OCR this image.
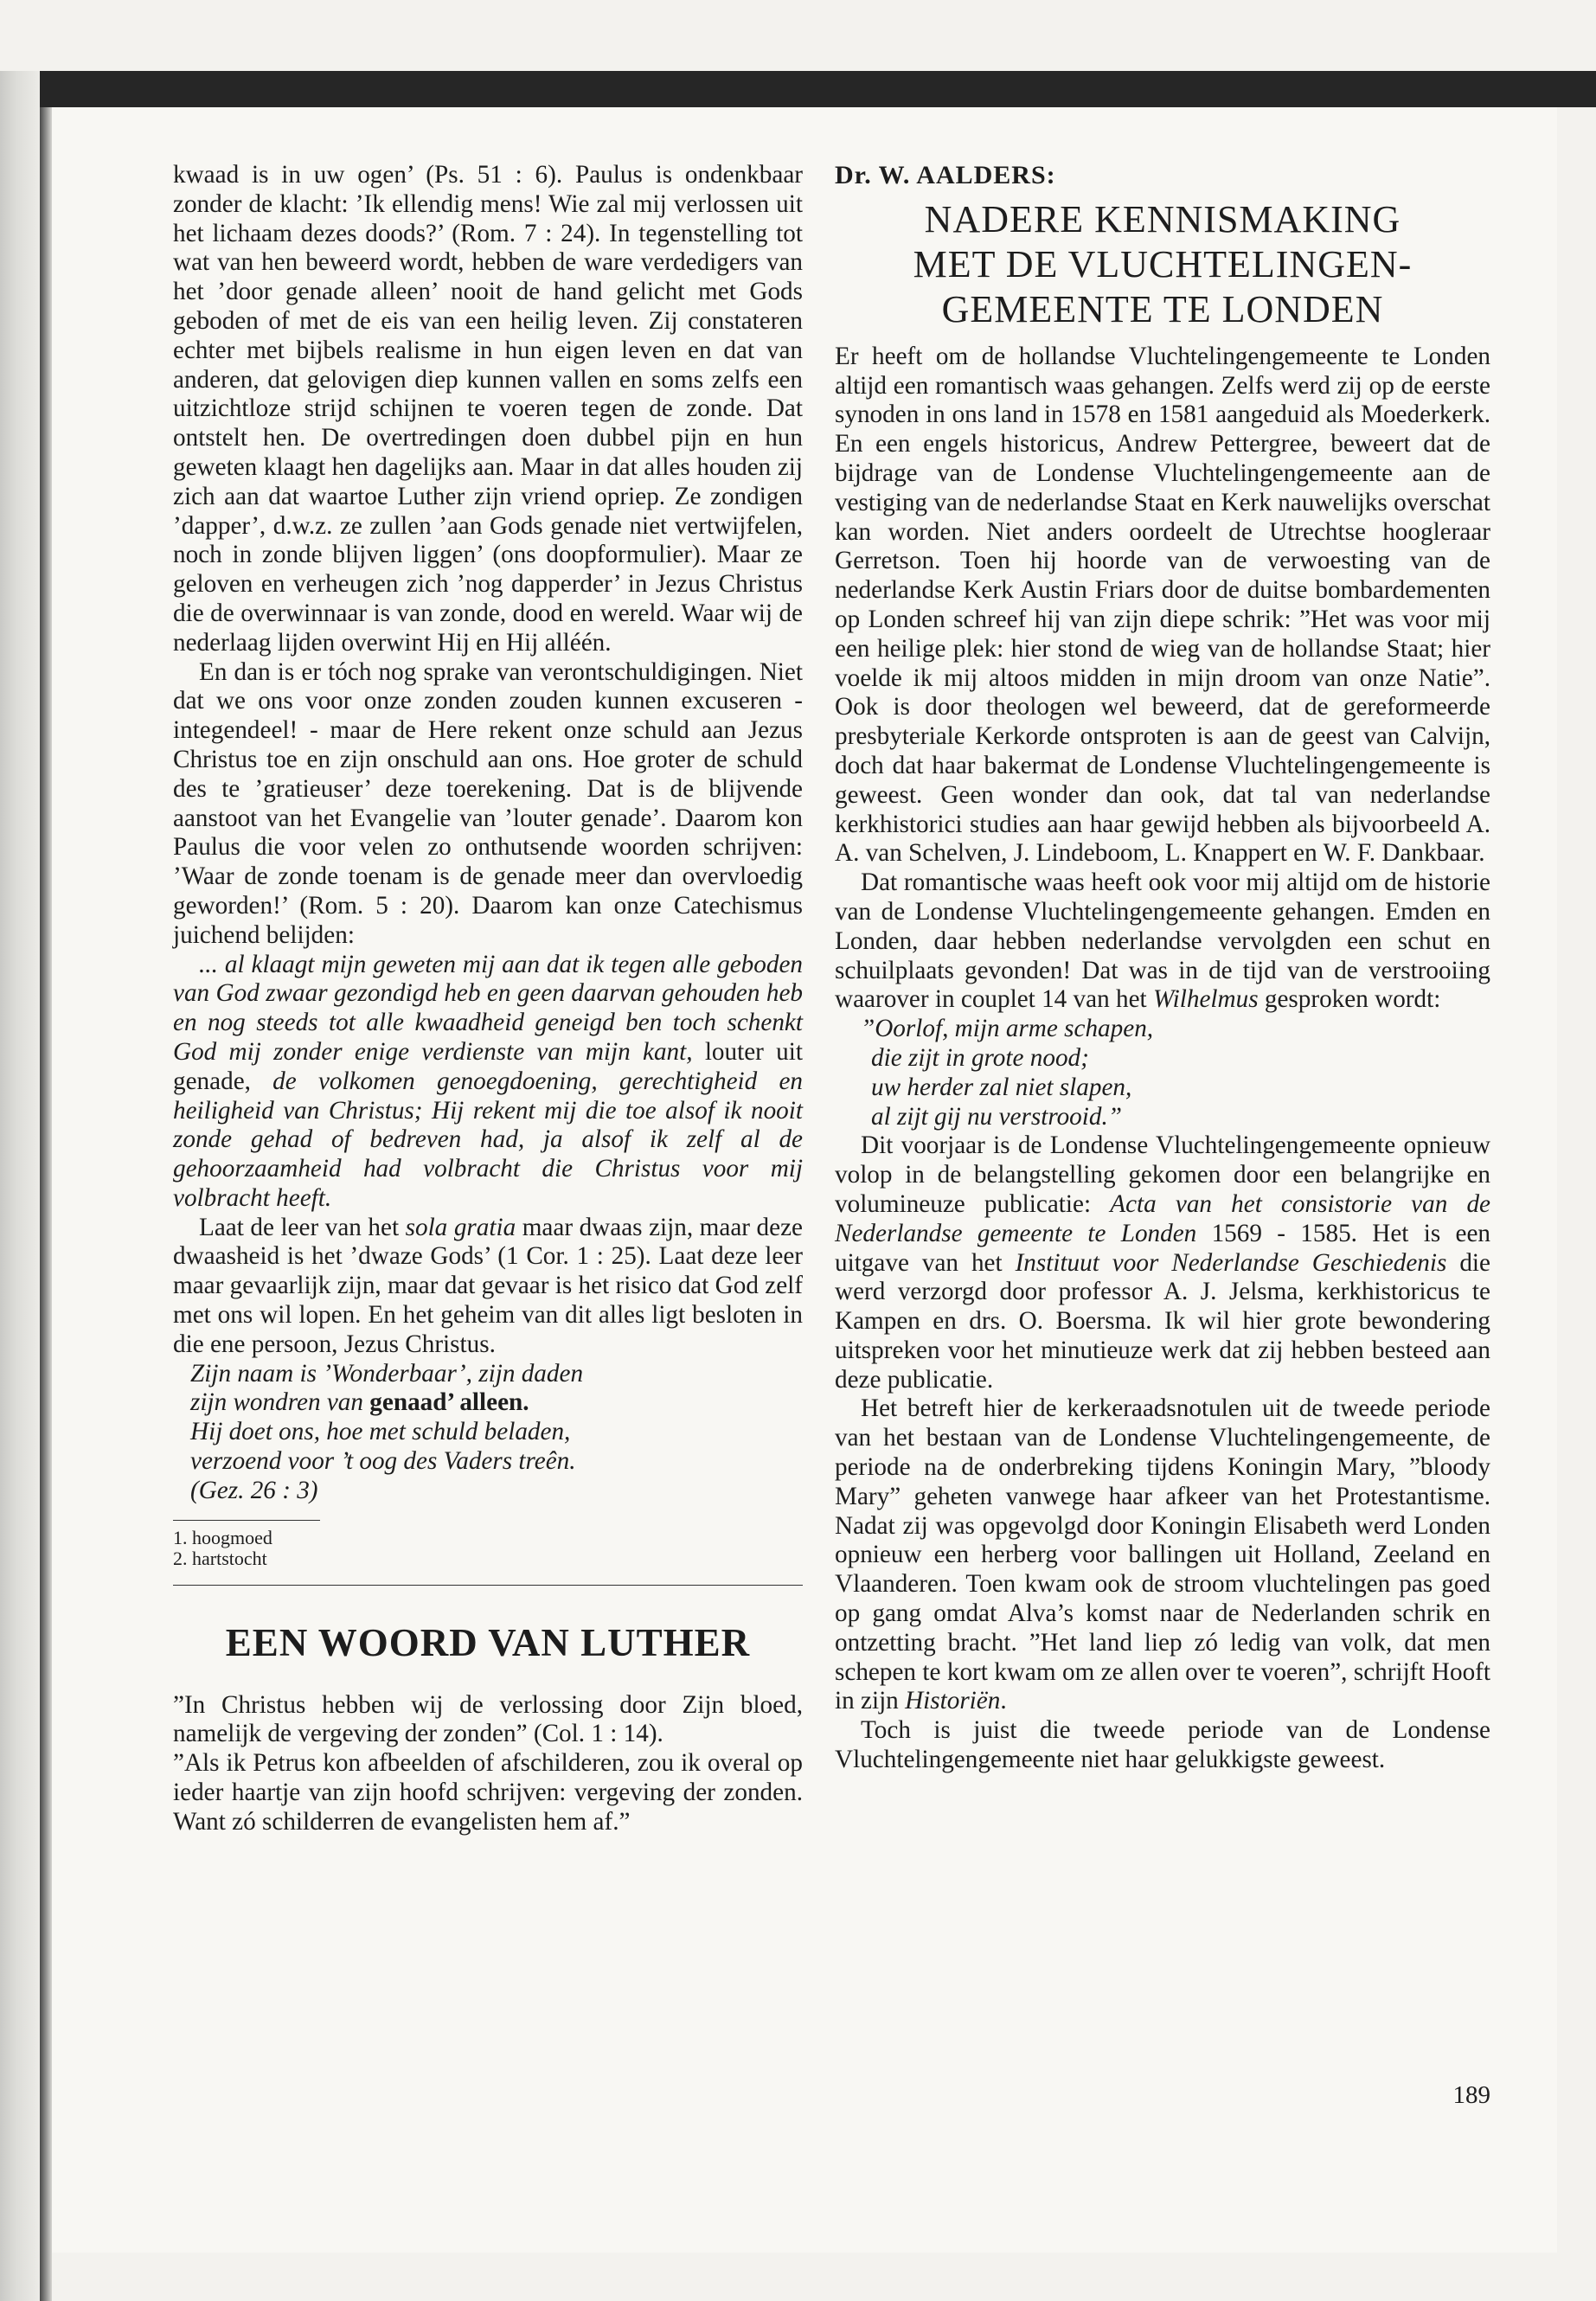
kwaad is in uw ogen’ (Ps. 51 : 6). Paulus is ondenkbaar zonder de klacht: ’Ik ellendig mens! Wie zal mij verlossen uit het lichaam dezes doods?’ (Rom. 7 : 24). In tegenstelling tot wat van hen beweerd wordt, hebben de ware verdedigers van het ’door genade alleen’ nooit de hand gelicht met Gods geboden of met de eis van een heilig leven. Zij constateren echter met bijbels realisme in hun eigen leven en dat van anderen, dat gelovigen diep kunnen vallen en soms zelfs een uitzichtloze strijd schijnen te voeren tegen de zonde. Dat ontstelt hen. De overtredingen doen dubbel pijn en hun geweten klaagt hen dagelijks aan. Maar in dat alles houden zij zich aan dat waartoe Luther zijn vriend opriep. Ze zondigen ’dapper’, d.w.z. ze zullen ’aan Gods genade niet vertwijfelen, noch in zonde blijven liggen’ (ons doopformulier). Maar ze geloven en verheugen zich ’nog dapperder’ in Jezus Christus die de overwinnaar is van zonde, dood en wereld. Waar wij de nederlaag lijden overwint Hij en Hij alléén.

En dan is er tóch nog sprake van verontschuldigingen. Niet dat we ons voor onze zonden zouden kunnen excuseren - integendeel! - maar de Here rekent onze schuld aan Jezus Christus toe en zijn onschuld aan ons. Hoe groter de schuld des te ’gratieuser’ deze toerekening. Dat is de blijvende aanstoot van het Evangelie van ’louter genade’. Daarom kon Paulus die voor velen zo onthutsende woorden schrijven: ’Waar de zonde toenam is de genade meer dan overvloedig geworden!’ (Rom. 5 : 20). Daarom kan onze Catechismus juichend belijden:

... al klaagt mijn geweten mij aan dat ik tegen alle geboden van God zwaar gezondigd heb en geen daarvan gehouden heb en nog steeds tot alle kwaadheid geneigd ben toch schenkt God mij zonder enige verdienste van mijn kant, louter uit genade, de volkomen genoegdoening, gerechtigheid en heiligheid van Christus; Hij rekent mij die toe alsof ik nooit zonde gehad of bedreven had, ja alsof ik zelf al de gehoorzaamheid had volbracht die Christus voor mij volbracht heeft.

Laat de leer van het sola gratia maar dwaas zijn, maar deze dwaasheid is het ’dwaze Gods’ (1 Cor. 1 : 25). Laat deze leer maar gevaarlijk zijn, maar dat gevaar is het risico dat God zelf met ons wil lopen. En het geheim van dit alles ligt besloten in die ene persoon, Jezus Christus.

Zijn naam is ’Wonderbaar’, zijn daden
zijn wondren van genaad’ alleen.
Hij doet ons, hoe met schuld beladen,
verzoend voor ’t oog des Vaders treên.
(Gez. 26 : 3)
1. hoogmoed
2. hartstocht
EEN WOORD VAN LUTHER

”In Christus hebben wij de verlossing door Zijn bloed, namelijk de vergeving der zonden” (Col. 1 : 14).

”Als ik Petrus kon afbeelden of afschilderen, zou ik overal op ieder haartje van zijn hoofd schrijven: vergeving der zonden. Want zó schilderren de evangelisten hem af.”

Dr. W. AALDERS:
NADERE KENNISMAKING
MET DE VLUCHTELINGEN-
GEMEENTE TE LONDEN

Er heeft om de hollandse Vluchtelingengemeente te Londen altijd een romantisch waas gehangen. Zelfs werd zij op de eerste synoden in ons land in 1578 en 1581 aangeduid als Moederkerk. En een engels historicus, Andrew Pettergree, beweert dat de bijdrage van de Londense Vluchtelingengemeente aan de vestiging van de nederlandse Staat en Kerk nauwelijks overschat kan worden. Niet anders oordeelt de Utrechtse hoogleraar Gerretson. Toen hij hoorde van de verwoesting van de nederlandse Kerk Austin Friars door de duitse bombardementen op Londen schreef hij van zijn diepe schrik: ”Het was voor mij een heilige plek: hier stond de wieg van de hollandse Staat; hier voelde ik mij altoos midden in mijn droom van onze Natie”. Ook is door theologen wel beweerd, dat de gereformeerde presbyteriale Kerkorde ontsproten is aan de geest van Calvijn, doch dat haar bakermat de Londense Vluchtelingengemeente is geweest. Geen wonder dan ook, dat tal van nederlandse kerkhistorici studies aan haar gewijd hebben als bijvoorbeeld A. A. van Schelven, J. Lindeboom, L. Knappert en W. F. Dankbaar.

Dat romantische waas heeft ook voor mij altijd om de historie van de Londense Vluchtelingengemeente gehangen. Emden en Londen, daar hebben nederlandse vervolgden een schut en schuilplaats gevonden! Dat was in de tijd van de verstrooiing waarover in couplet 14 van het Wilhelmus gesproken wordt:

”Oorlof, mijn arme schapen,
die zijt in grote nood;
uw herder zal niet slapen,
al zijt gij nu verstrooid.”

Dit voorjaar is de Londense Vluchtelingengemeente opnieuw volop in de belangstelling gekomen door een belangrijke en volumineuze publicatie: Acta van het consistorie van de Nederlandse gemeente te Londen 1569 - 1585. Het is een uitgave van het Instituut voor Nederlandse Geschiedenis die werd verzorgd door professor A. J. Jelsma, kerkhistoricus te Kampen en drs. O. Boersma. Ik wil hier grote bewondering uitspreken voor het minutieuze werk dat zij hebben besteed aan deze publicatie.

Het betreft hier de kerkeraadsnotulen uit de tweede periode van het bestaan van de Londense Vluchtelingengemeente, de periode na de onderbreking tijdens Koningin Mary, ”bloody Mary” geheten vanwege haar afkeer van het Protestantisme. Nadat zij was opgevolgd door Koningin Elisabeth werd Londen opnieuw een herberg voor ballingen uit Holland, Zeeland en Vlaanderen. Toen kwam ook de stroom vluchtelingen pas goed op gang omdat Alva’s komst naar de Nederlanden schrik en ontzetting bracht. ”Het land liep zó ledig van volk, dat men schepen te kort kwam om ze allen over te voeren”, schrijft Hooft in zijn Historiën.

Toch is juist die tweede periode van de Londense Vluchtelingengemeente niet haar gelukkigste geweest.

189
